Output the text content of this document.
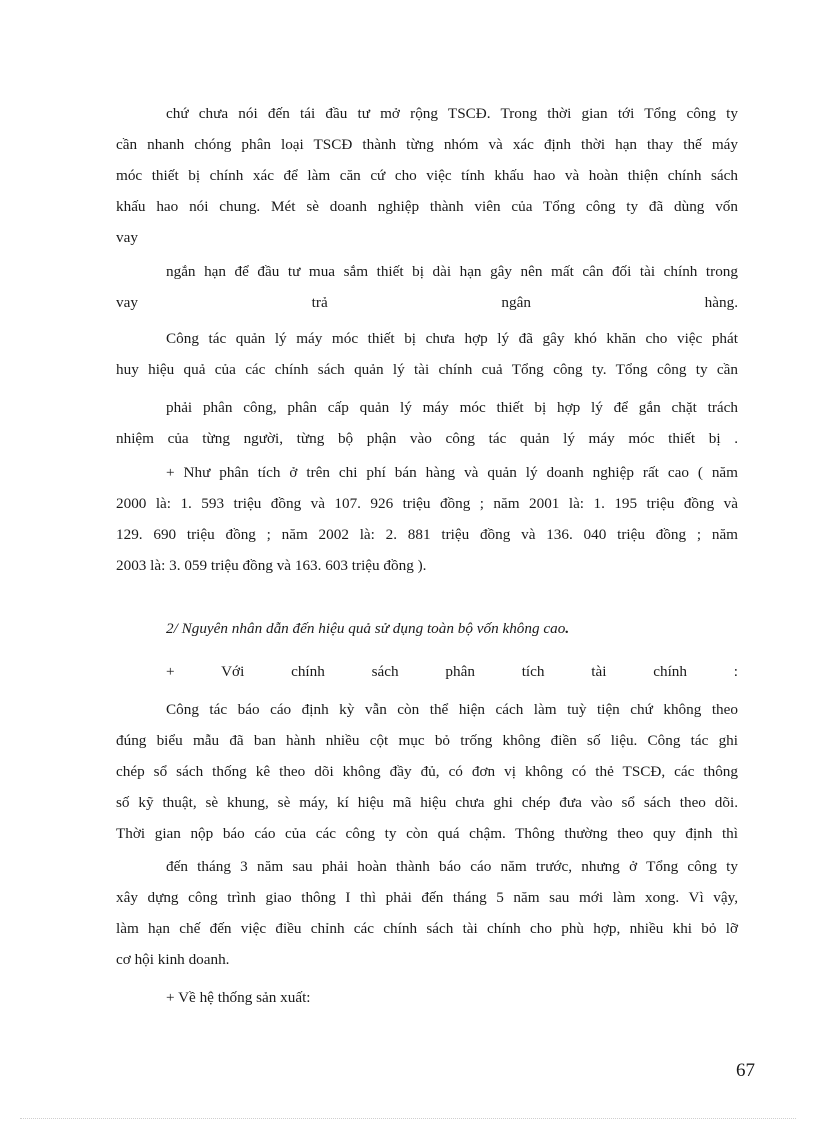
chứ chưa nói đến tái đầu tư mở rộng TSCĐ. Trong thời gian tới Tổng công ty
cần nhanh chóng phân loại TSCĐ thành từng nhóm và xác định thời hạn thay thế máy
móc thiết bị chính xác để làm căn cứ cho việc tính khấu hao và hoàn thiện chính sách
khấu hao nói chung. Mét sè doanh nghiệp thành viên của Tổng công ty đã dùng vốn
vay
ngắn hạn để đầu tư mua sắm thiết bị dài hạn gây nên mất cân đối tài chính trong
vay trả ngân hàng.
Công tác quản lý máy móc thiết bị chưa hợp lý đã gây khó khăn cho việc phát
huy hiệu quả của các chính sách quản lý tài chính cuả Tổng công ty. Tổng công ty cần
phải phân công, phân cấp quản lý máy móc thiết bị hợp lý để gắn chặt trách
nhiệm của từng người, từng bộ phận vào công tác quản lý máy móc thiết bị .
+ Như phân tích ở trên chi phí bán hàng và quản lý doanh nghiệp rất cao ( năm
2000 là: 1. 593 triệu đồng và 107. 926 triệu đồng ; năm 2001 là: 1. 195 triệu đồng và
129. 690 triệu đồng ; năm 2002 là: 2. 881 triệu đồng và 136. 040 triệu đồng ; năm
2003 là: 3. 059 triệu đồng và 163. 603 triệu đồng ).

2/ Nguyên nhân dẫn đến hiệu quả sử dụng toàn bộ vốn không cao.

+ Với chính sách phân tích tài chính :
Công tác báo cáo định kỳ vẫn còn thể hiện cách làm tuỳ tiện chứ không theo
đúng biểu mẫu đã ban hành nhiều cột mục bỏ trống không điền số liệu. Công tác ghi
chép sổ sách thống kê theo dõi không đầy đủ, có đơn vị không có thẻ TSCĐ, các thông
số kỹ thuật, sè khung, sè máy, kí hiệu mã hiệu chưa ghi chép đưa vào sổ sách theo dõi.
Thời gian nộp báo cáo của các công ty còn quá chậm. Thông thường theo quy định thì
đến tháng 3 năm sau phải hoàn thành báo cáo năm trước, nhưng ở Tổng công ty
xây dựng công trình giao thông I thì phải đến tháng 5 năm sau mới làm xong. Vì vậy,
làm hạn chế đến việc điều chỉnh các chính sách tài chính cho phù hợp, nhiều khi bỏ lỡ
cơ hội kinh doanh.
+ Về hệ thống sản xuất:
67
